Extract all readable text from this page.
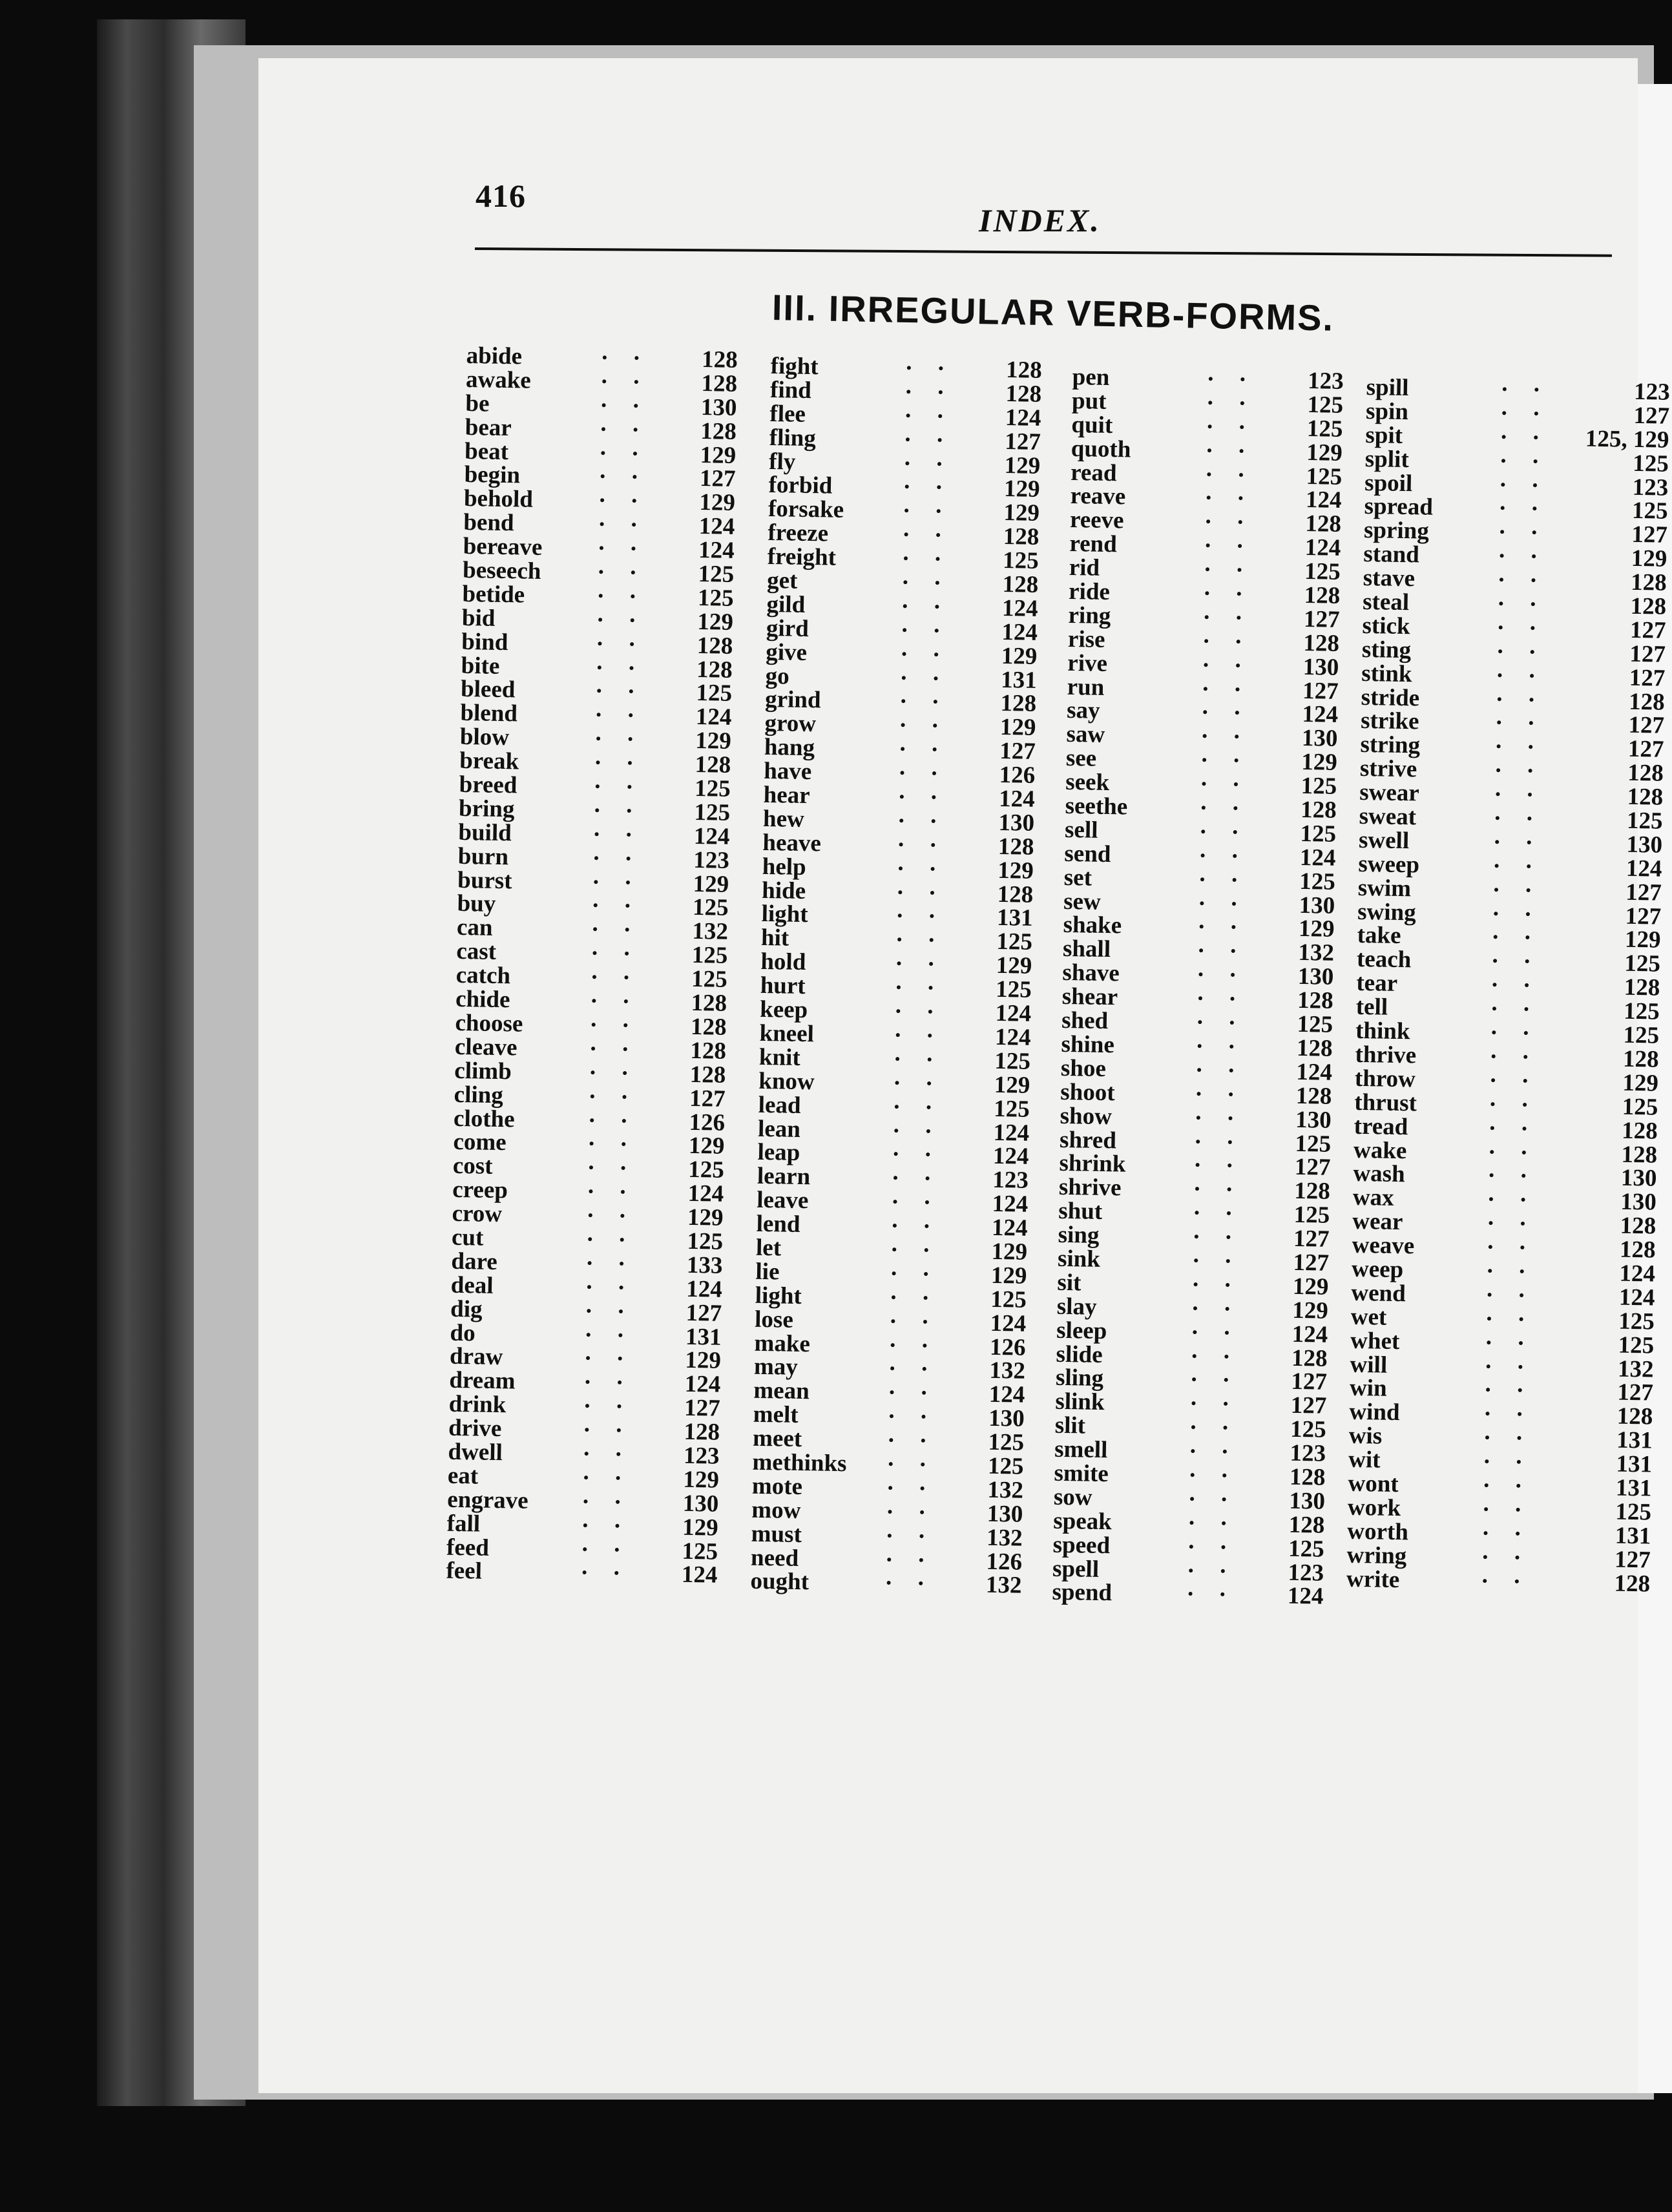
416
INDEX.
III. IRREGULAR VERB-FORMS.
abide	· ·	128
awake	· ·	128
be	· ·	130
bear	· ·	128
beat	· ·	129
begin	· ·	127
behold	· ·	129
bend	· ·	124
bereave · ·	124
beseech · ·	125
betide	· ·	125
bid	· ·	129
bind	· ·	128
bite	· ·	128
bleed	· ·	125
blend	· ·	124
blow	· ·	129
break	· ·	128
breed	· ·	125
bring	· ·	125
build	· ·	124
burn	· ·	123
burst	· ·	129
buy	· ·	125
can	· ·	132
cast	· ·	125
catch	· ·	125
chide	· ·	128
choose	· ·	128
cleave	· ·	128
climb	· ·	128
cling	· ·	127
clothe	· ·	126
come	· ·	129
cost	· ·	125
creep	· ·	124
crow	· ·	129
cut	· ·	125
dare	· ·	133
deal	· ·	124
dig	· ·	127
do	· ·	131
draw	· ·	129
dream	· ·	124
drink	· ·	127
drive	· ·	128
dwell	· ·	123
eat	· ·	129
engrave · ·	130
fall	· ·	129
feed	· ·	125
feel	· ·	124
fight	· ·	128
find	· ·	128
flee	· ·	124
fling	· ·	127
fly	· ·	129
forbid	· ·	129
forsake · ·	129
freeze	· ·	128
freight	· ·	125
get	· ·	128
gild	· ·	124
gird	· ·	124
give	· ·	129
go	· ·	131
grind	· ·	128
grow	· ·	129
hang	· ·	127
have	· ·	126
hear	· ·	124
hew	· ·	130
heave	· ·	128
help	· ·	129
hide	· ·	128
light	· ·	131
hit	· ·	125
hold	· ·	129
hurt	· ·	125
keep	· ·	124
kneel	· ·	124
knit	· ·	125
know	· ·	129
lead	· ·	125
lean	· ·	124
leap	· ·	124
learn	· ·	123
leave	· ·	124
lend	· ·	124
let	· ·	129
lie	· ·	129
light	· ·	125
lose	· ·	124
make	· ·	126
may	· ·	132
mean	· ·	124
melt	· ·	130
meet	· ·	125
methinks · ·	125
mote	· ·	132
mow	· ·	130
must	· ·	132
need	· ·	126
ought	· ·	132
pen	· ·	123
put	· ·	125
quit	· ·	125
quoth	· ·	129
read	· ·	125
reave	· ·	124
reeve	· ·	128
rend	· ·	124
rid	· ·	125
ride	· ·	128
ring	· ·	127
rise	· ·	128
rive	· ·	130
run	· ·	127
say	· ·	124
saw	· ·	130
see	· ·	129
seek	· ·	125
seethe	· ·	128
sell	· ·	125
send	· ·	124
set	· ·	125
sew	· ·	130
shake	· ·	129
shall	· ·	132
shave	· ·	130
shear	· ·	128
shed	· ·	125
shine	· ·	128
shoe	· ·	124
shoot	· ·	128
show	· ·	130
shred	· ·	125
shrink	· ·	127
shrive	· ·	128
shut	· ·	125
sing	· ·	127
sink	· ·	127
sit	· ·	129
slay	· ·	129
sleep	· ·	124
slide	· ·	128
sling	· ·	127
slink	· ·	127
slit	· ·	125
smell	· ·	123
smite	· ·	128
sow	· ·	130
speak	· ·	128
speed	· ·	125
spell	· ·	123
spend	· ·	124
spill	· ·	123
spin	· ·	127
spit	· ·	125, 129
split	· ·	125
spoil	· ·	123
spread	· ·	125
spring	· ·	127
stand	· ·	129
stave	· ·	128
steal	· ·	128
stick	· ·	127
sting	· ·	127
stink	· ·	127
stride	· ·	128
strike	· ·	127
string	· ·	127
strive	· ·	128
swear	· ·	128
sweat	· ·	125
swell	· ·	130
sweep	· ·	124
swim	· ·	127
swing	· ·	127
take	· ·	129
teach	· ·	125
tear	· ·	128
tell	· ·	125
think	· ·	125
thrive	· ·	128
throw	· ·	129
thrust	· ·	125
tread	· ·	128
wake	· ·	128
wash	· ·	130
wax	· ·	130
wear	· ·	128
weave	· ·	128
weep	· ·	124
wend	· ·	124
wet	· ·	125
whet	· ·	125
will	· ·	132
win	· ·	127
wind	· ·	128
wis	· ·	131
wit	· ·	131
wont	· ·	131
work	· ·	125
worth	· ·	131
wring	· ·	127
write	· ·	128
